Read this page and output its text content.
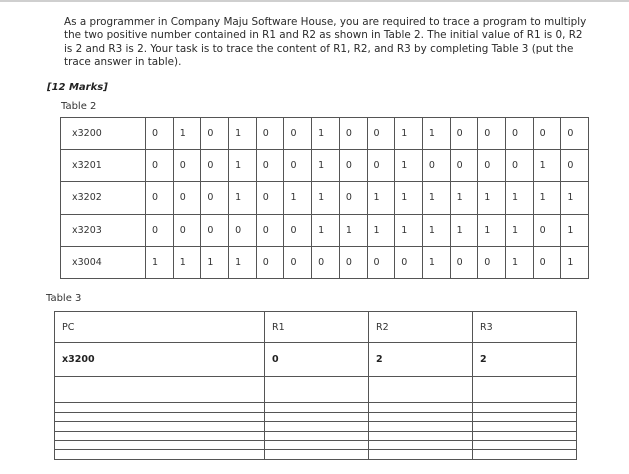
As a programmer in Company Maju Software House, you are required to trace a program to multiply the two positive number contained in R1 and R2 as shown in Table 2. The initial value of R1 is 0, R2 is 2 and R3 is 2. Your task is to trace the content of R1, R2, and R3 by completing Table 3 (put the trace answer in table).
[12 Marks]
Table 2
x3200	0	1	0	1	0	0	1	0	0	1	1	0	0	0	0	0
x3201	0	0	0	1	0	0	1	0	0	1	0	0	0	0	1	0
x3202	0	0	0	1	0	1	1	0	1	1	1	1	1	1	1	1
x3203	0	0	0	0	0	0	1	1	1	1	1	1	1	1	0	1
x3004	1	1	1	1	0	0	0	0	0	0	1	0	0	1	0	1
Table 3
PC	R1	R2	R3
x3200	0	2	2
